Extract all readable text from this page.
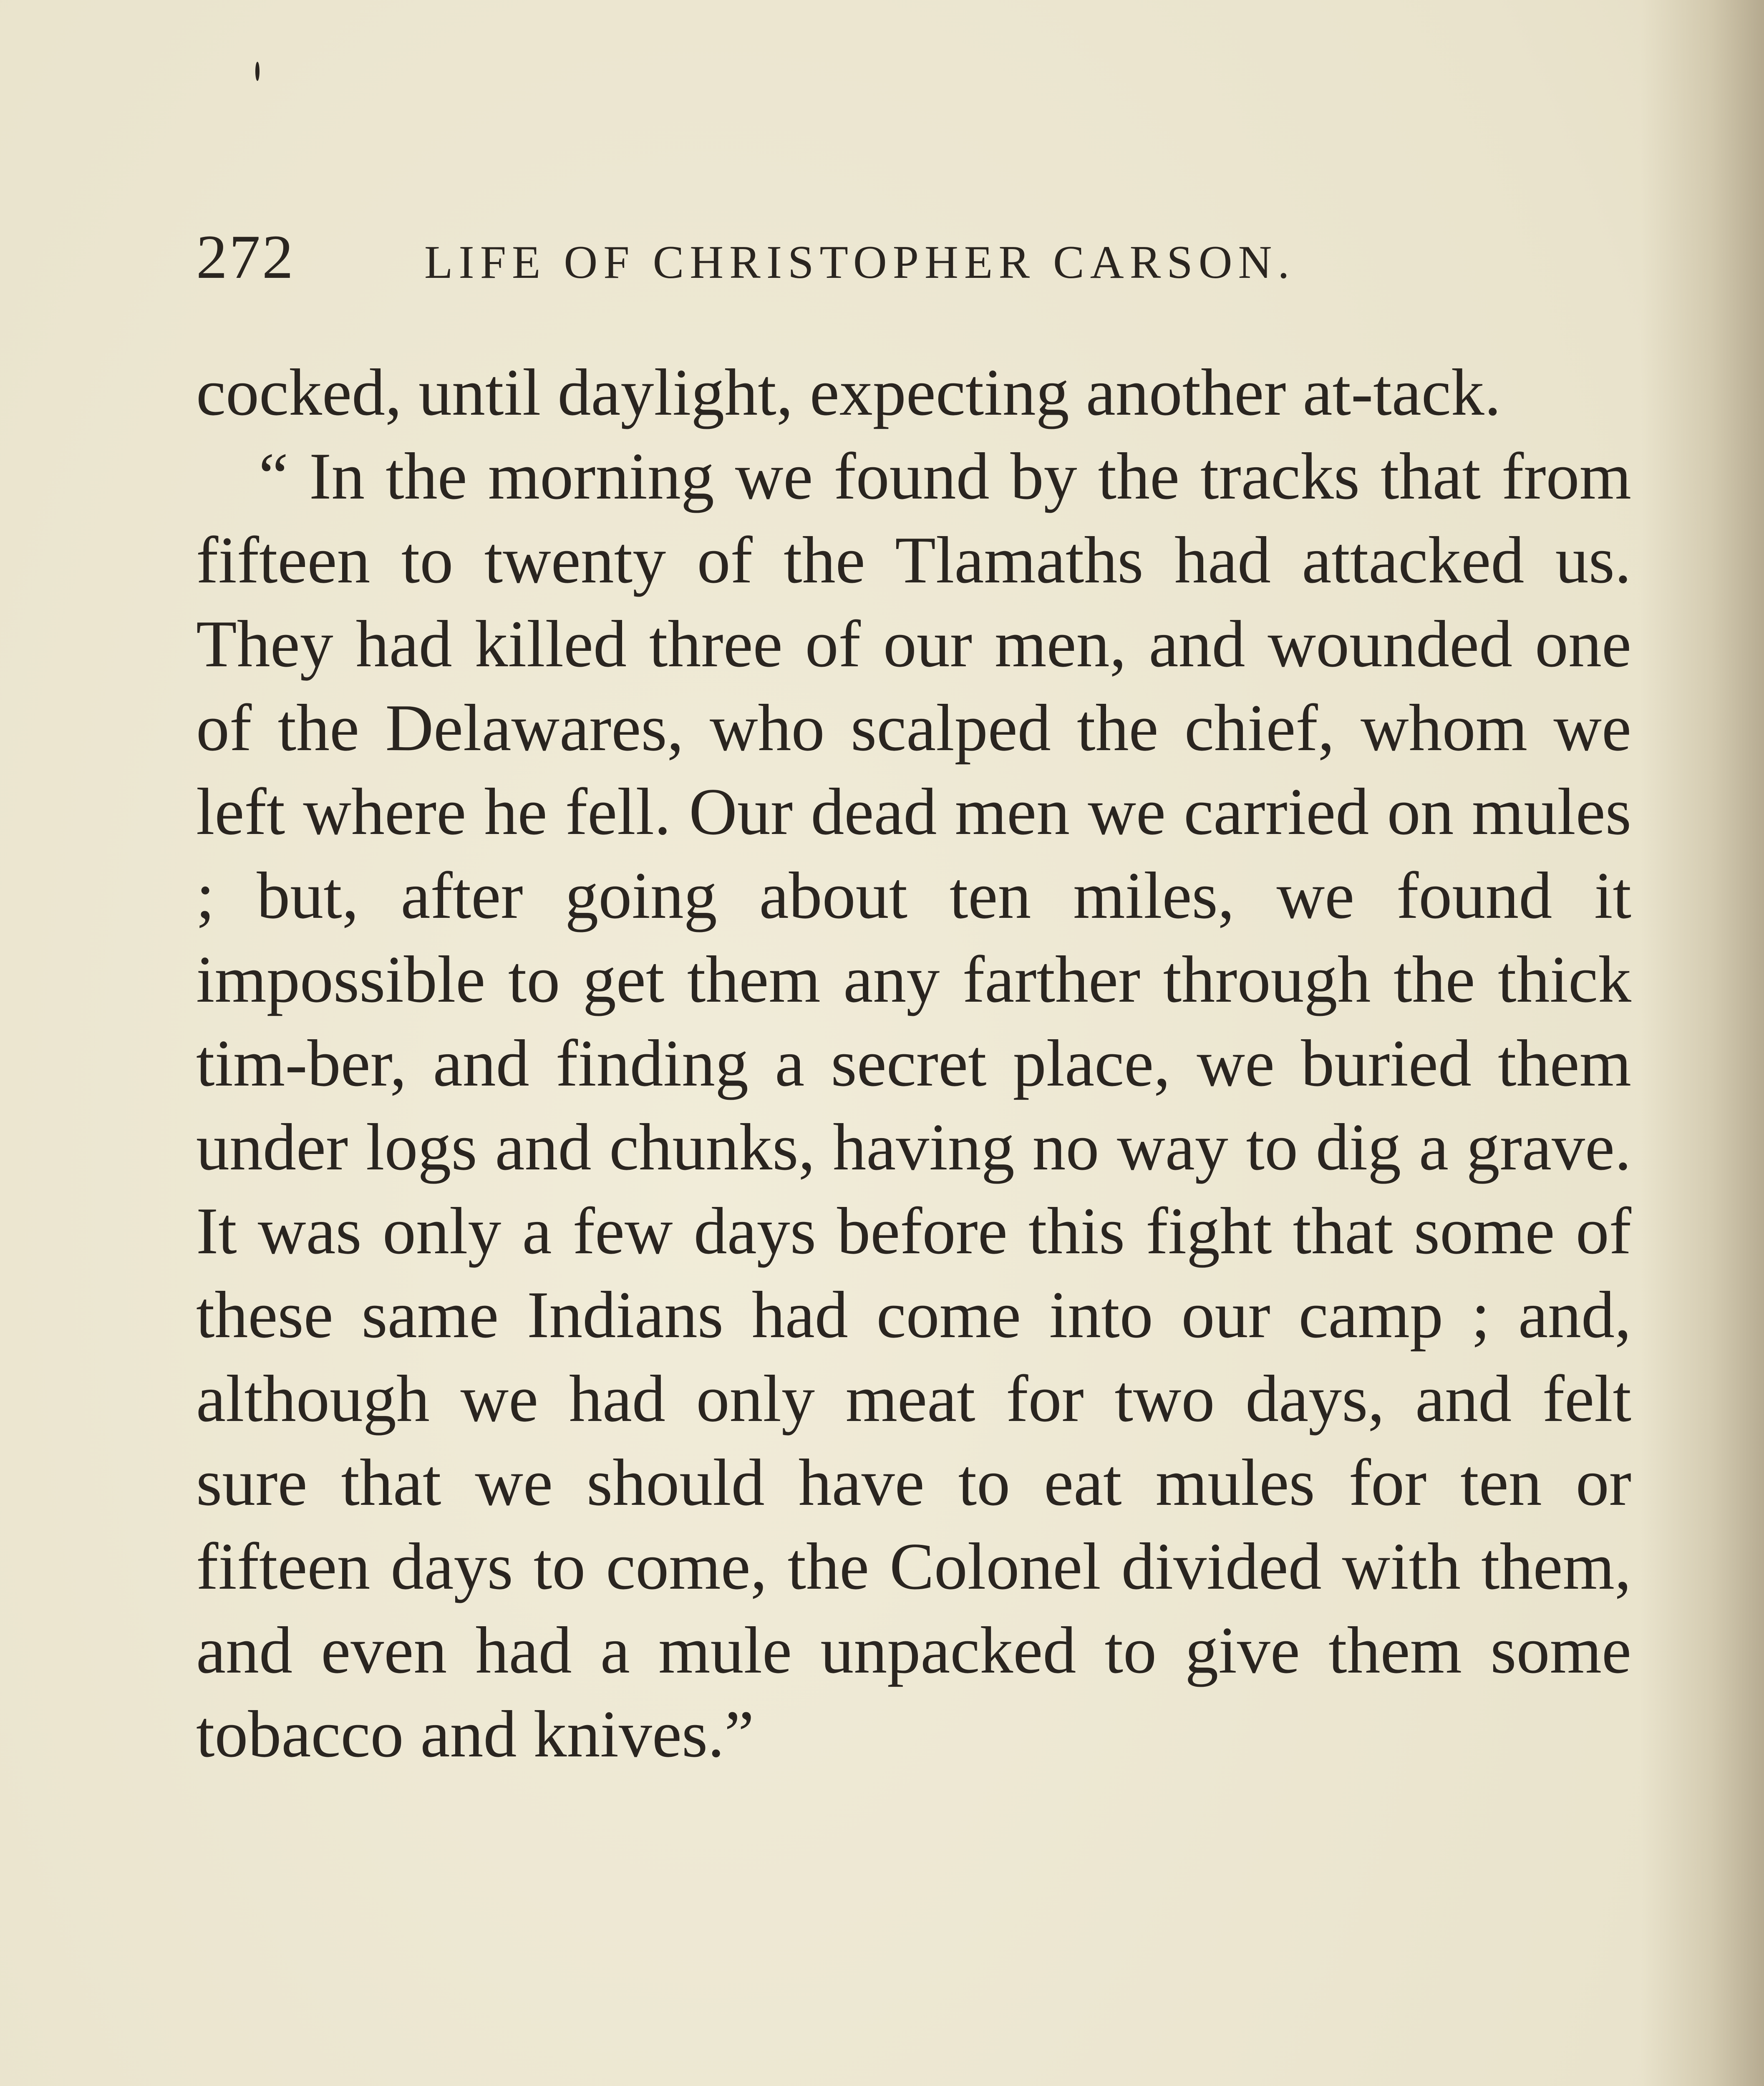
272	LIFE OF CHRISTOPHER CARSON.

cocked, until daylight, expecting another at-tack.

“ In the morning we found by the tracks that from fifteen to twenty of the Tlamaths had attacked us. They had killed three of our men, and wounded one of the Delawares, who scalped the chief, whom we left where he fell. Our dead men we carried on mules ; but, after going about ten miles, we found it impossible to get them any farther through the thick tim-ber, and finding a secret place, we buried them under logs and chunks, having no way to dig a grave. It was only a few days before this fight that some of these same Indians had come into our camp ; and, although we had only meat for two days, and felt sure that we should have to eat mules for ten or fifteen days to come, the Colonel divided with them, and even had a mule unpacked to give them some tobacco and knives.”
